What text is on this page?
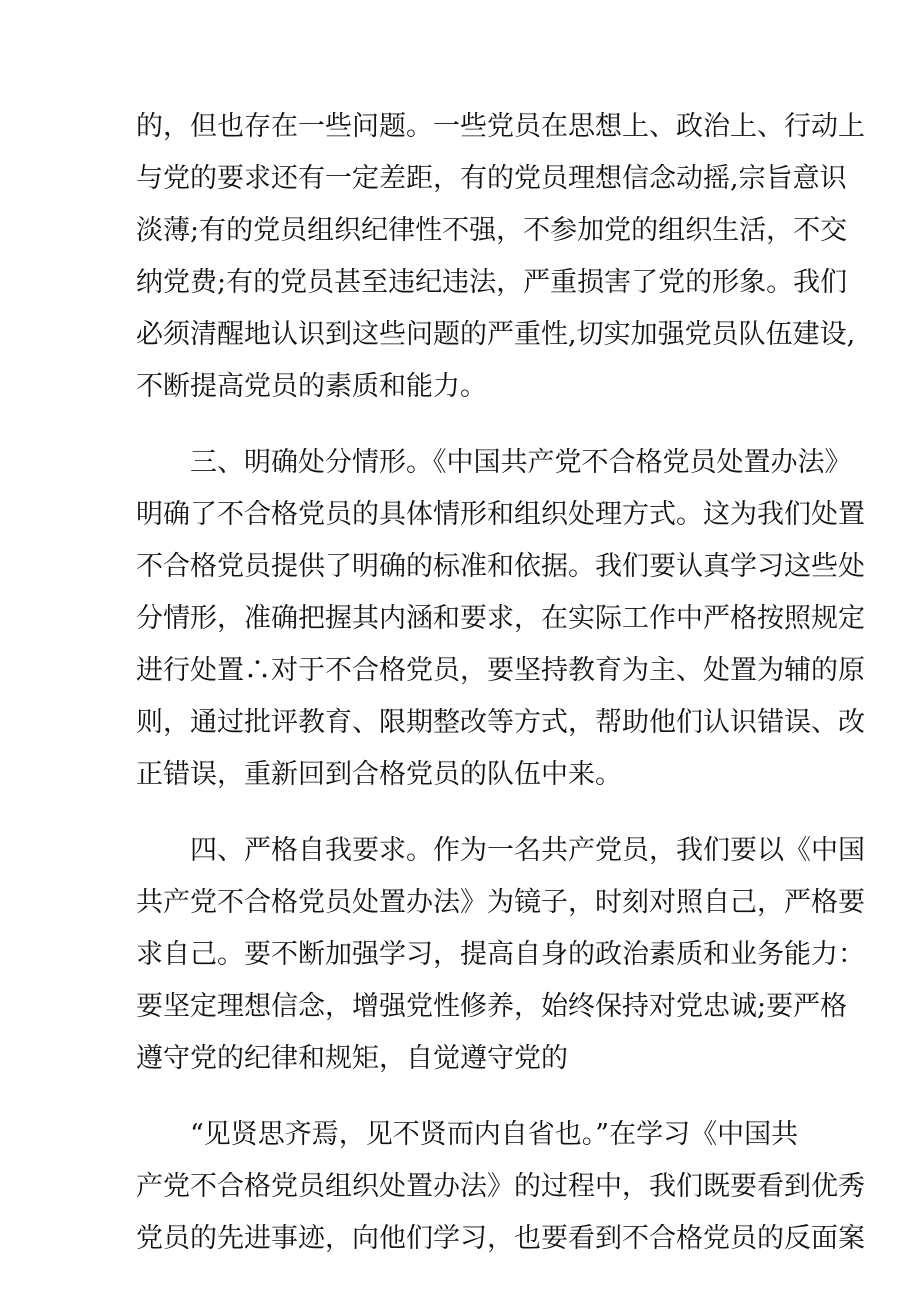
的，但也存在一些问题。一些党员在思想上、政治上、行动上
与党的要求还有一定差距，有的党员理想信念动摇,宗旨意识
淡薄;有的党员组织纪律性不强，不参加党的组织生活，不交
纳党费;有的党员甚至违纪违法，严重损害了党的形象。我们
必须清醒地认识到这些问题的严重性,切实加强党员队伍建设,
不断提高党员的素质和能力。
三、明确处分情形。《中国共产党不合格党员处置办法》
明确了不合格党员的具体情形和组织处理方式。这为我们处置
不合格党员提供了明确的标准和依据。我们要认真学习这些处
分情形，准确把握其内涵和要求，在实际工作中严格按照规定
进行处置∴对于不合格党员，要坚持教育为主、处置为辅的原
则，通过批评教育、限期整改等方式，帮助他们认识错误、改
正错误，重新回到合格党员的队伍中来。
四、严格自我要求。作为一名共产党员，我们要以《中国
共产党不合格党员处置办法》为镜子，时刻对照自己，严格要
求自己。要不断加强学习，提高自身的政治素质和业务能力：
要坚定理想信念，增强党性修养，始终保持对党忠诚;要严格
遵守党的纪律和规矩，自觉遵守党的
“见贤思齐焉，见不贤而内自省也。”在学习《中国共
产党不合格党员组织处置办法》的过程中，我们既要看到优秀
党员的先进事迹，向他们学习，也要看到不合格党员的反面案
